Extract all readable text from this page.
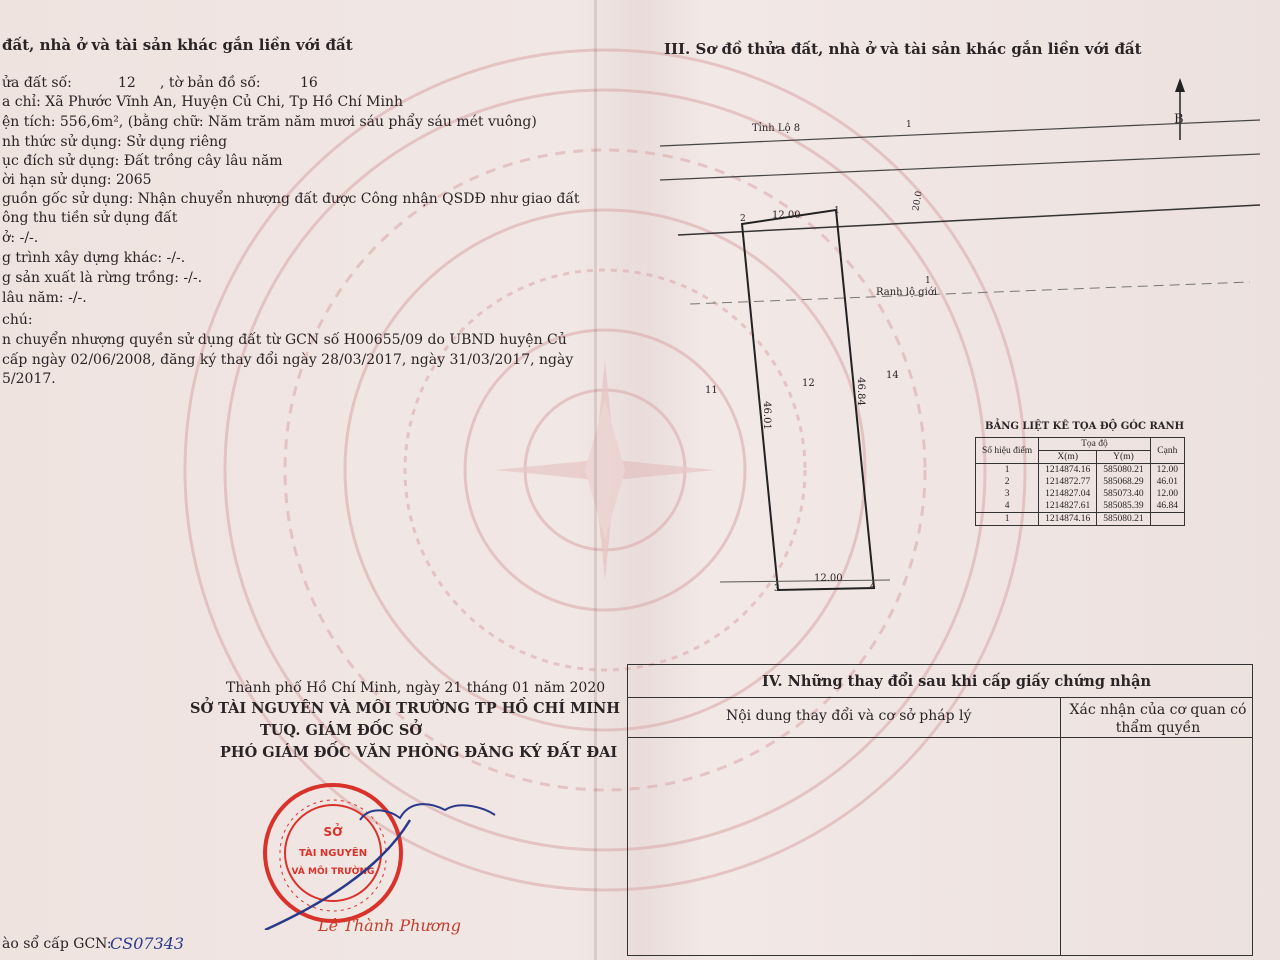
đất, nhà ở và tài sản khác gắn liền với đất
ửa đất số:	12 , tờ bản đồ số:	16
a chỉ: Xã Phước Vĩnh An, Huyện Củ Chi, Tp Hồ Chí Minh
ện tích: 556,6m², (bằng chữ: Năm trăm năm mươi sáu phẩy sáu mét vuông)
nh thức sử dụng: Sử dụng riêng
ục đích sử dụng: Đất trồng cây lâu năm
ời hạn sử dụng: 2065
guồn gốc sử dụng: Nhận chuyển nhượng đất được Công nhận QSDĐ như giao đất
ông thu tiền sử dụng đất
ở: -/-.
g trình xây dựng khác: -/-.
g sản xuất là rừng trồng: -/-.
lâu năm: -/-.
chú:
n chuyển nhượng quyền sử dụng đất từ GCN số H00655/09 do UBND huyện Củ
cấp ngày 02/06/2008, đăng ký thay đổi ngày 28/03/2017, ngày 31/03/2017, ngày
5/2017.
Thành phố Hồ Chí Minh, ngày 21 tháng 01 năm 2020
SỞ TÀI NGUYÊN VÀ MÔI TRƯỜNG TP HỒ CHÍ MINH
TUQ. GIÁM ĐỐC SỞ
PHÓ GIÁM ĐỐC VĂN PHÒNG ĐĂNG KÝ ĐẤT ĐAI
SỞ
TÀI NGUYÊN
VÀ MÔI TRƯỜNG
Lê Thành Phương
ào sổ cấp GCN:
CS07343
III. Sơ đồ thửa đất, nhà ở và tài sản khác gắn liền với đất
Tỉnh Lộ 8
Ranh lộ giới
B
1
20.0
1
12.00
12.00
46.01
46.84
2
1
3	4
11
12
14
BẢNG LIỆT KÊ TỌA ĐỘ GÓC RANH
Số hiệu điểm	Tọa độ		Cạnh
	X(m)	Y(m)	
1	1214874.16	585080.21	12.00
2	1214872.77	585068.29	46.01
3	1214827.04	585073.40	12.00
4	1214827.61	585085.39	46.84
1	1214874.16	585080.21	
IV. Những thay đổi sau khi cấp giấy chứng nhận
Nội dung thay đổi và cơ sở pháp lý	Xác nhận của cơ quan có thẩm quyền
